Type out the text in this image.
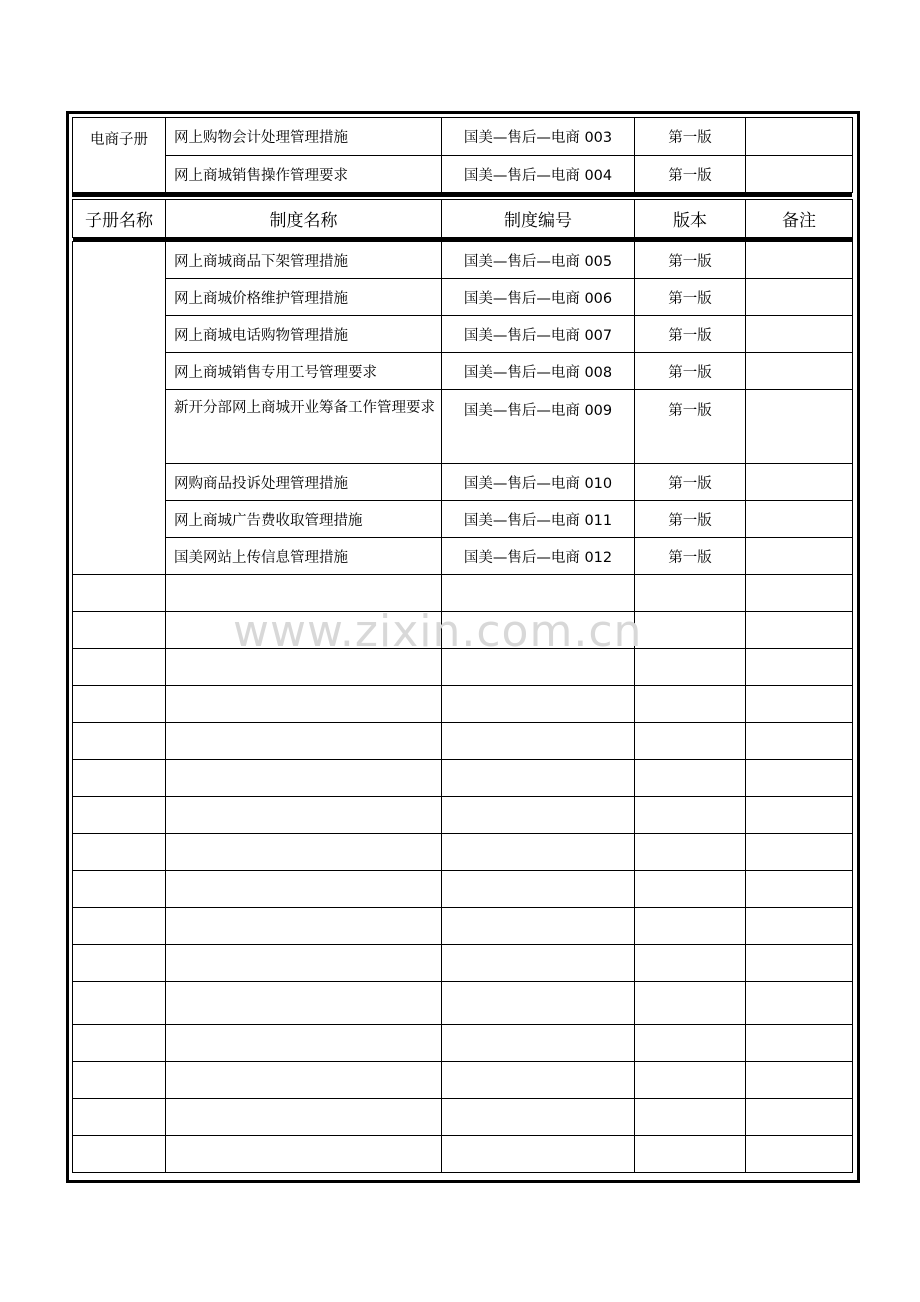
电商子册	网上购物会计处理管理措施	国美—售后—电商 003	第一版	
	网上商城销售操作管理要求	国美—售后—电商 004	第一版	
子册名称	制度名称	制度编号	版本	备注

	网上商城商品下架管理措施	国美—售后—电商 005	第一版	
	网上商城价格维护管理措施	国美—售后—电商 006	第一版	
	网上商城电话购物管理措施	国美—售后—电商 007	第一版	
	网上商城销售专用工号管理要求	国美—售后—电商 008	第一版	
	新开分部网上商城开业筹备工作管理要求	国美—售后—电商 009	第一版	
	网购商品投诉处理管理措施	国美—售后—电商 010	第一版	
	网上商城广告费收取管理措施	国美—售后—电商 011	第一版	
	国美网站上传信息管理措施	国美—售后—电商 012	第一版	

www.zixin.com.cn
